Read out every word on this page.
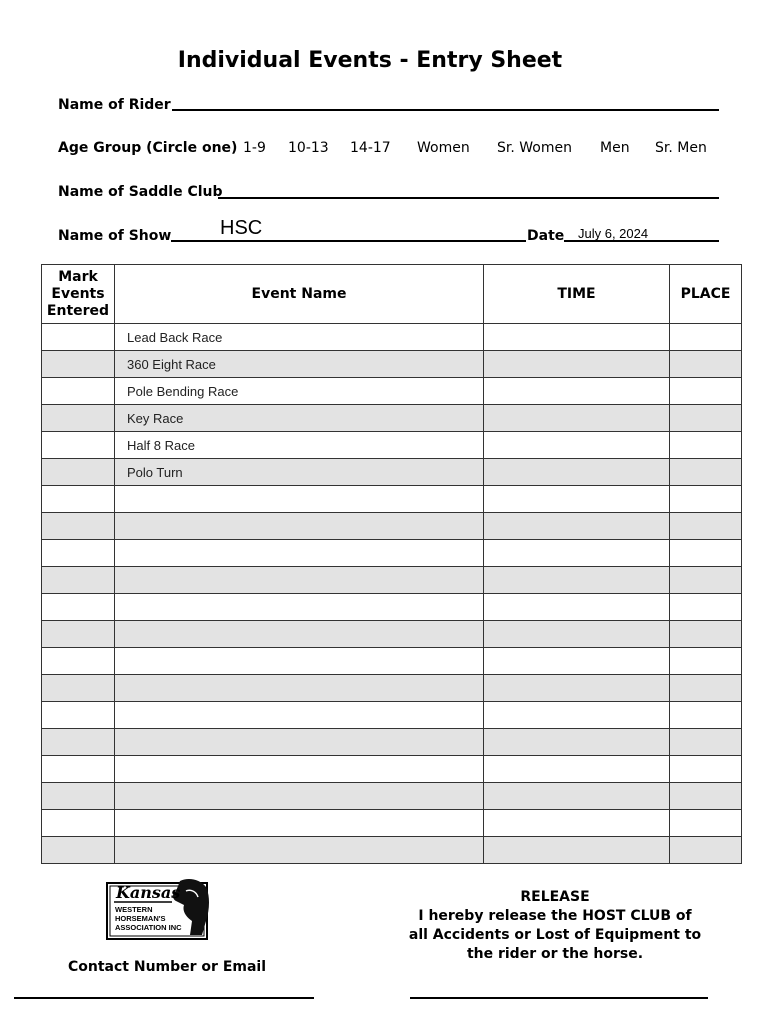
Individual Events - Entry Sheet
Name of Rider
Age Group (Circle one) 1-9 10-13 14-17 Women Sr. Women Men Sr. Men
Name of Saddle Club
Name of Show HSC	Date July 6, 2024
Mark Events Entered	Event Name	TIME	PLACE
	Lead Back Race		
	360 Eight Race		
	Pole Bending Race		
	Key Race		
	Half 8 Race		
	Polo Turn		

Kansas
WESTERN
HORSEMAN'S
ASSOCIATION INC
RELEASE
I hereby release the HOST CLUB of
all Accidents or Lost of Equipment to
the rider or the horse.
Contact Number or Email
